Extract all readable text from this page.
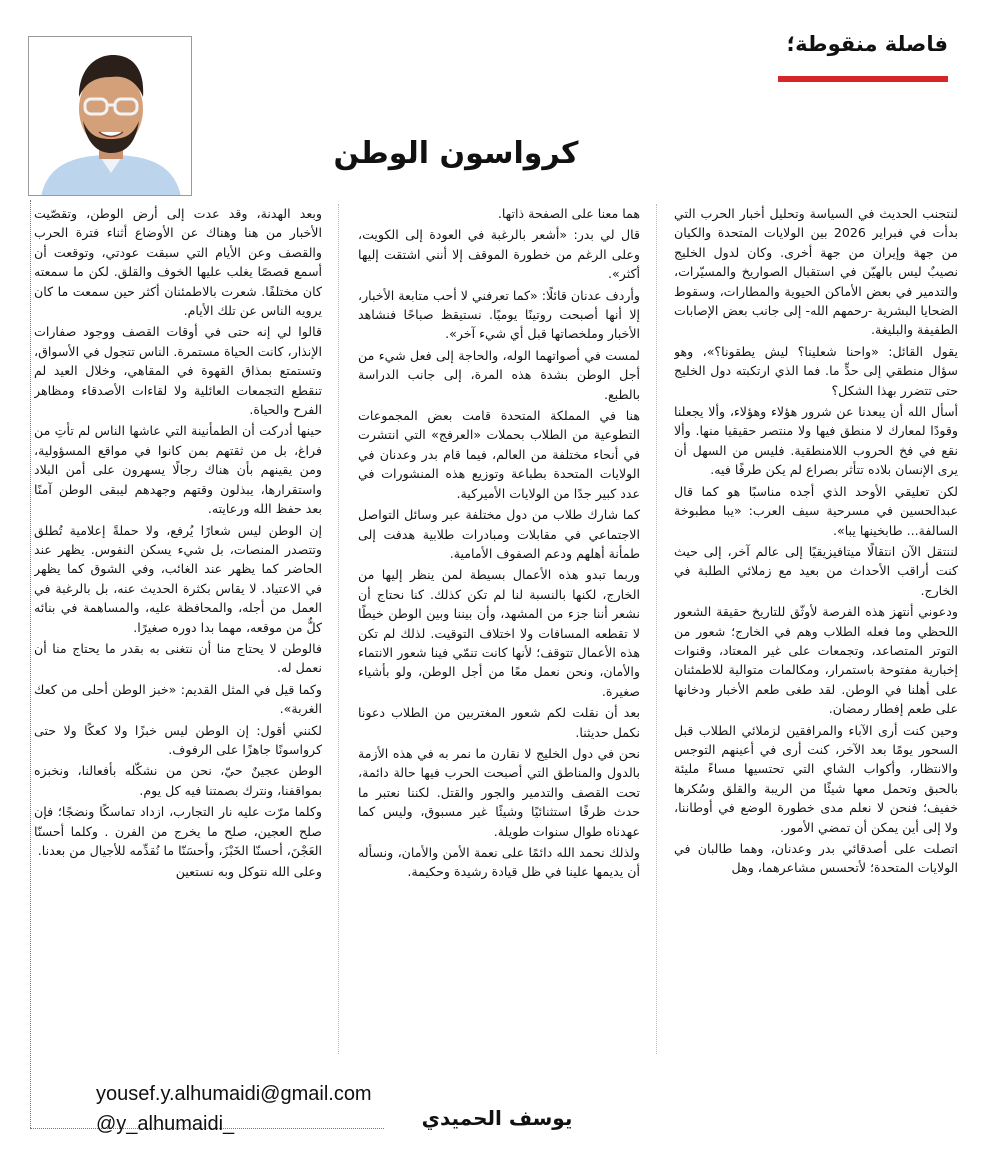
فاصلة منقوطة؛
كرواسون الوطن

لنتجنب الحديث في السياسة وتحليل أخبار الحرب التي بدأت في فبراير 2026 بين الولايات المتحدة والكيان من جهة وإيران من جهة أخرى. وكان لدول الخليج نصيبٌ ليس بالهيّن في استقبال الصواريخ والمسيّرات، والتدمير في بعض الأماكن الحيوية والمطارات، وسقوط الضحايا البشرية -رحمهم الله- إلى جانب بعض الإصابات الطفيفة والبليغة.

يقول القائل: «واحنا شعلينا؟ ليش يطقونا؟»، وهو سؤال منطقي إلى حدٍّ ما. فما الذي ارتكبته دول الخليج حتى تتضرر بهذا الشكل؟

أسأل الله أن يبعدنا عن شرور هؤلاء وهؤلاء، وألا يجعلنا وقودًا لمعارك لا منطق فيها ولا منتصر حقيقيا منها. وألا نقع في فخ الحروب اللامنطقية. فليس من السهل أن يرى الإنسان بلاده تتأثر بصراع لم يكن طرفًا فيه.

لكن تعليقي الأوحد الذي أجده مناسبًا هو كما قال عبدالحسين في مسرحية سيف العرب: «يبا مطبوخة السالفة... طابخينها يبا».

لننتقل الآن انتقالًا ميتافيزيقيًا إلى عالم آخر، إلى حيث كنت أراقب الأحداث من بعيد مع زملائي الطلبة في الخارج.

ودعوني أنتهز هذه الفرصة لأوثّق للتاريخ حقيقة الشعور اللحظي وما فعله الطلاب وهم في الخارج؛ شعور من التوتر المتصاعد، وتجمعات على غير المعتاد، وقنوات إخبارية مفتوحة باستمرار، ومكالمات متوالية للاطمئنان على أهلنا في الوطن. لقد طغى طعم الأخبار ودخانها على طعم إفطار رمضان.

وحين كنت أرى الآباء والمرافقين لزملائي الطلاب قبل السحور يومًا بعد الآخر، كنت أرى في أعينهم التوجس والانتظار، وأكواب الشاي التي تحتسيها مساءً مليئة بالحبق وتحمل معها شيئًا من الريبة والقلق وسُكرها خفيف؛ فنحن لا نعلم مدى خطورة الوضع في أوطاننا، ولا إلى أين يمكن أن تمضي الأمور.

اتصلت على أصدقائي بدر وعدنان، وهما طالبان في الولايات المتحدة؛ لأتحسس مشاعرهما، وهل

هما معنا على الصفحة ذاتها.

قال لي بدر: «أشعر بالرغبة في العودة إلى الكويت، وعلى الرغم من خطورة الموقف إلا أنني اشتقت إليها أكثر».

وأردف عدنان قائلًا: «كما تعرفني لا أحب متابعة الأخبار، إلا أنها أصبحت روتينًا يوميًا. نستيقظ صباحًا فنشاهد الأخبار وملخصاتها قبل أي شيء آخر».

لمست في أصواتهما الوله، والحاجة إلى فعل شيء من أجل الوطن بشدة هذه المرة، إلى جانب الدراسة بالطبع.

هنا في المملكة المتحدة قامت بعض المجموعات التطوعية من الطلاب بحملات «العرفج» التي انتشرت في أنحاء مختلفة من العالم، فيما قام بدر وعدنان في الولايات المتحدة بطباعة وتوزيع هذه المنشورات في عدد كبير جدًا من الولايات الأميركية.

كما شارك طلاب من دول مختلفة عبر وسائل التواصل الاجتماعي في مقابلات ومبادرات طلابية هدفت إلى طمأنة أهلهم ودعم الصفوف الأمامية.

وربما تبدو هذه الأعمال بسيطة لمن ينظر إليها من الخارج، لكنها بالنسبة لنا لم تكن كذلك. كنا نحتاج أن نشعر أننا جزء من المشهد، وأن بيننا وبين الوطن خيطًا لا تقطعه المسافات ولا اختلاف التوقيت. لذلك لم تكن هذه الأعمال تتوقف؛ لأنها كانت تنمّي فينا شعور الانتماء والأمان، ونحن نعمل معًا من أجل الوطن، ولو بأشياء صغيرة.

بعد أن نقلت لكم شعور المغتربين من الطلاب دعونا نكمل حديثنا.

نحن في دول الخليج لا نقارن ما نمر به في هذه الأزمة بالدول والمناطق التي أصبحت الحرب فيها حالة دائمة، تحت القصف والتدمير والجور والقتل. لكننا نعتبر ما حدث ظرفًا استثنائيًا وشيئًا غير مسبوق، وليس كما عهدناه طوال سنوات طويلة.

ولذلك نحمد الله دائمًا على نعمة الأمن والأمان، ونسأله أن يديمها علينا في ظل قيادة رشيدة وحكيمة.

وبعد الهدنة، وقد عدت إلى أرض الوطن، وتقصّيت الأخبار من هنا وهناك عن الأوضاع أثناء فترة الحرب والقصف وعن الأيام التي سبقت عودتي، وتوقعت أن أسمع قصصًا يغلب عليها الخوف والقلق. لكن ما سمعته كان مختلفًا. شعرت بالاطمئنان أكثر حين سمعت ما كان يرويه الناس عن تلك الأيام.

قالوا لي إنه حتى في أوقات القصف ووجود صفارات الإنذار، كانت الحياة مستمرة. الناس تتجول في الأسواق، وتستمتع بمذاق القهوة في المقاهي، وخلال العيد لم تنقطع التجمعات العائلية ولا لقاءات الأصدقاء ومظاهر الفرح والحياة.

حينها أدركت أن الطمأنينة التي عاشها الناس لم تأتِ من فراغ، بل من ثقتهم بمن كانوا في مواقع المسؤولية، ومن يقينهم بأن هناك رجالًا يسهرون على أمن البلاد واستقرارها، يبذلون وقتهم وجهدهم ليبقى الوطن آمنًا بعد حفظ الله ورعايته.

إن الوطن ليس شعارًا يُرفع، ولا حملةً إعلامية تُطلق وتتصدر المنصات، بل شيء يسكن النفوس. يظهر عند الحاضر كما يظهر عند الغائب، وفي الشوق كما يظهر في الاعتياد. لا يقاس بكثرة الحديث عنه، بل بالرغبة في العمل من أجله، والمحافظة عليه، والمساهمة في بنائه كلٌّ من موقعه، مهما بدا دوره صغيرًا.

فالوطن لا يحتاج منا أن نتغنى به بقدر ما يحتاج منا أن نعمل له.

وكما قيل في المثل القديم: «خبز الوطن أحلى من كعك الغربة».

لكنني أقول: إن الوطن ليس خبزًا ولا كعكًا ولا حتى كرواسونًا جاهزًا على الرفوف.

الوطن عجينٌ حيّ، نحن من نشكّله بأفعالنا، ونخبزه بمواقفنا، ونترك بصمتنا فيه كل يوم.

وكلما مرّت عليه نار التجارب، ازداد تماسكًا ونضجًا؛ فإن صلح العجين، صلح ما يخرج من الفرن . وكلما أحسنّا العَجْنَ، أحسنّا الخَبْزَ، وأحسَنّا ما نُقدِّمه للأجيال من بعدنا.

وعلى الله نتوكل وبه نستعين

yousef.y.alhumaidi@gmail.com
@y_alhumaidi_	يوسف الحميدي
